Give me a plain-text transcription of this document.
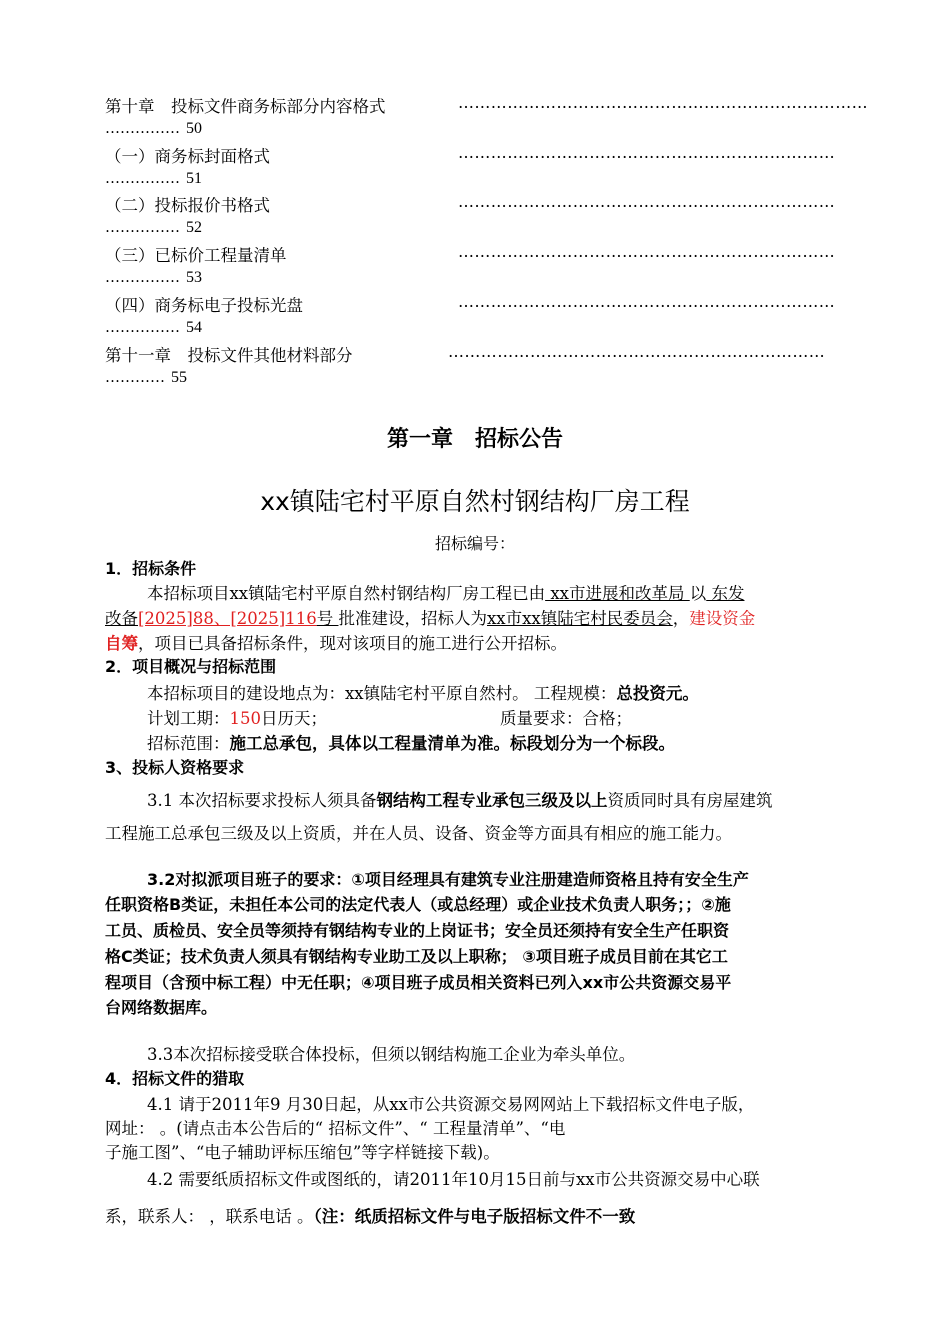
第十章　投标文件商务标部分内容格式	…………………………………………………………………
…………… 50
（一）商务标封面格式	……………………………………………………………
…………… 51
（二）投标报价书格式	……………………………………………………………
…………… 52
（三）已标价工程量清单	……………………………………………………………
…………… 53
（四）商务标电子投标光盘	……………………………………………………………
…………… 54
第十一章　投标文件其他材料部分	……………………………………………………………
………… 55
第一章　招标公告
xx镇陆宅村平原自然村钢结构厂房工程
招标编号：
1．招标条件
本招标项目xx镇陆宅村平原自然村钢结构厂房工程已由 xx市进展和改革局 以 东发
改备[2025]88、[2025]116号 批准建设，招标人为xx市xx镇陆宅村民委员会，建设资金
自筹，项目已具备招标条件，现对该项目的施工进行公开招标。
2．项目概况与招标范围
本招标项目的建设地点为：xx镇陆宅村平原自然村。 工程规模：总投资元。
计划工期：150日历天；	质量要求：合格；
招标范围：施工总承包，具体以工程量清单为准。标段划分为一个标段。
3、投标人资格要求
3.1 本次招标要求投标人须具备钢结构工程专业承包三级及以上资质同时具有房屋建筑
工程施工总承包三级及以上资质，并在人员、设备、资金等方面具有相应的施工能力。
3.2对拟派项目班子的要求：①项目经理具有建筑专业注册建造师资格且持有安全生产
任职资格B类证，未担任本公司的法定代表人（或总经理）或企业技术负责人职务；；②施
工员、质检员、安全员等须持有钢结构专业的上岗证书；安全员还须持有安全生产任职资
格C类证；技术负责人须具有钢结构专业助工及以上职称； ③项目班子成员目前在其它工
程项目（含预中标工程）中无任职；④项目班子成员相关资料已列入xx市公共资源交易平
台网络数据库。
3.3本次招标接受联合体投标，但须以钢结构施工企业为牵头单位。
4．招标文件的猎取
4.1 请于2011年9 月30日起，从xx市公共资源交易网网站上下载招标文件电子版，
网址： 。(请点击本公告后的“ 招标文件”、“ 工程量清单”、“电
子施工图”、“电子辅助评标压缩包”等字样链接下载)。
4.2 需要纸质招标文件或图纸的，请2011年10月15日前与xx市公共资源交易中心联
系，联系人： ，联系电话 。（注：纸质招标文件与电子版招标文件不一致
